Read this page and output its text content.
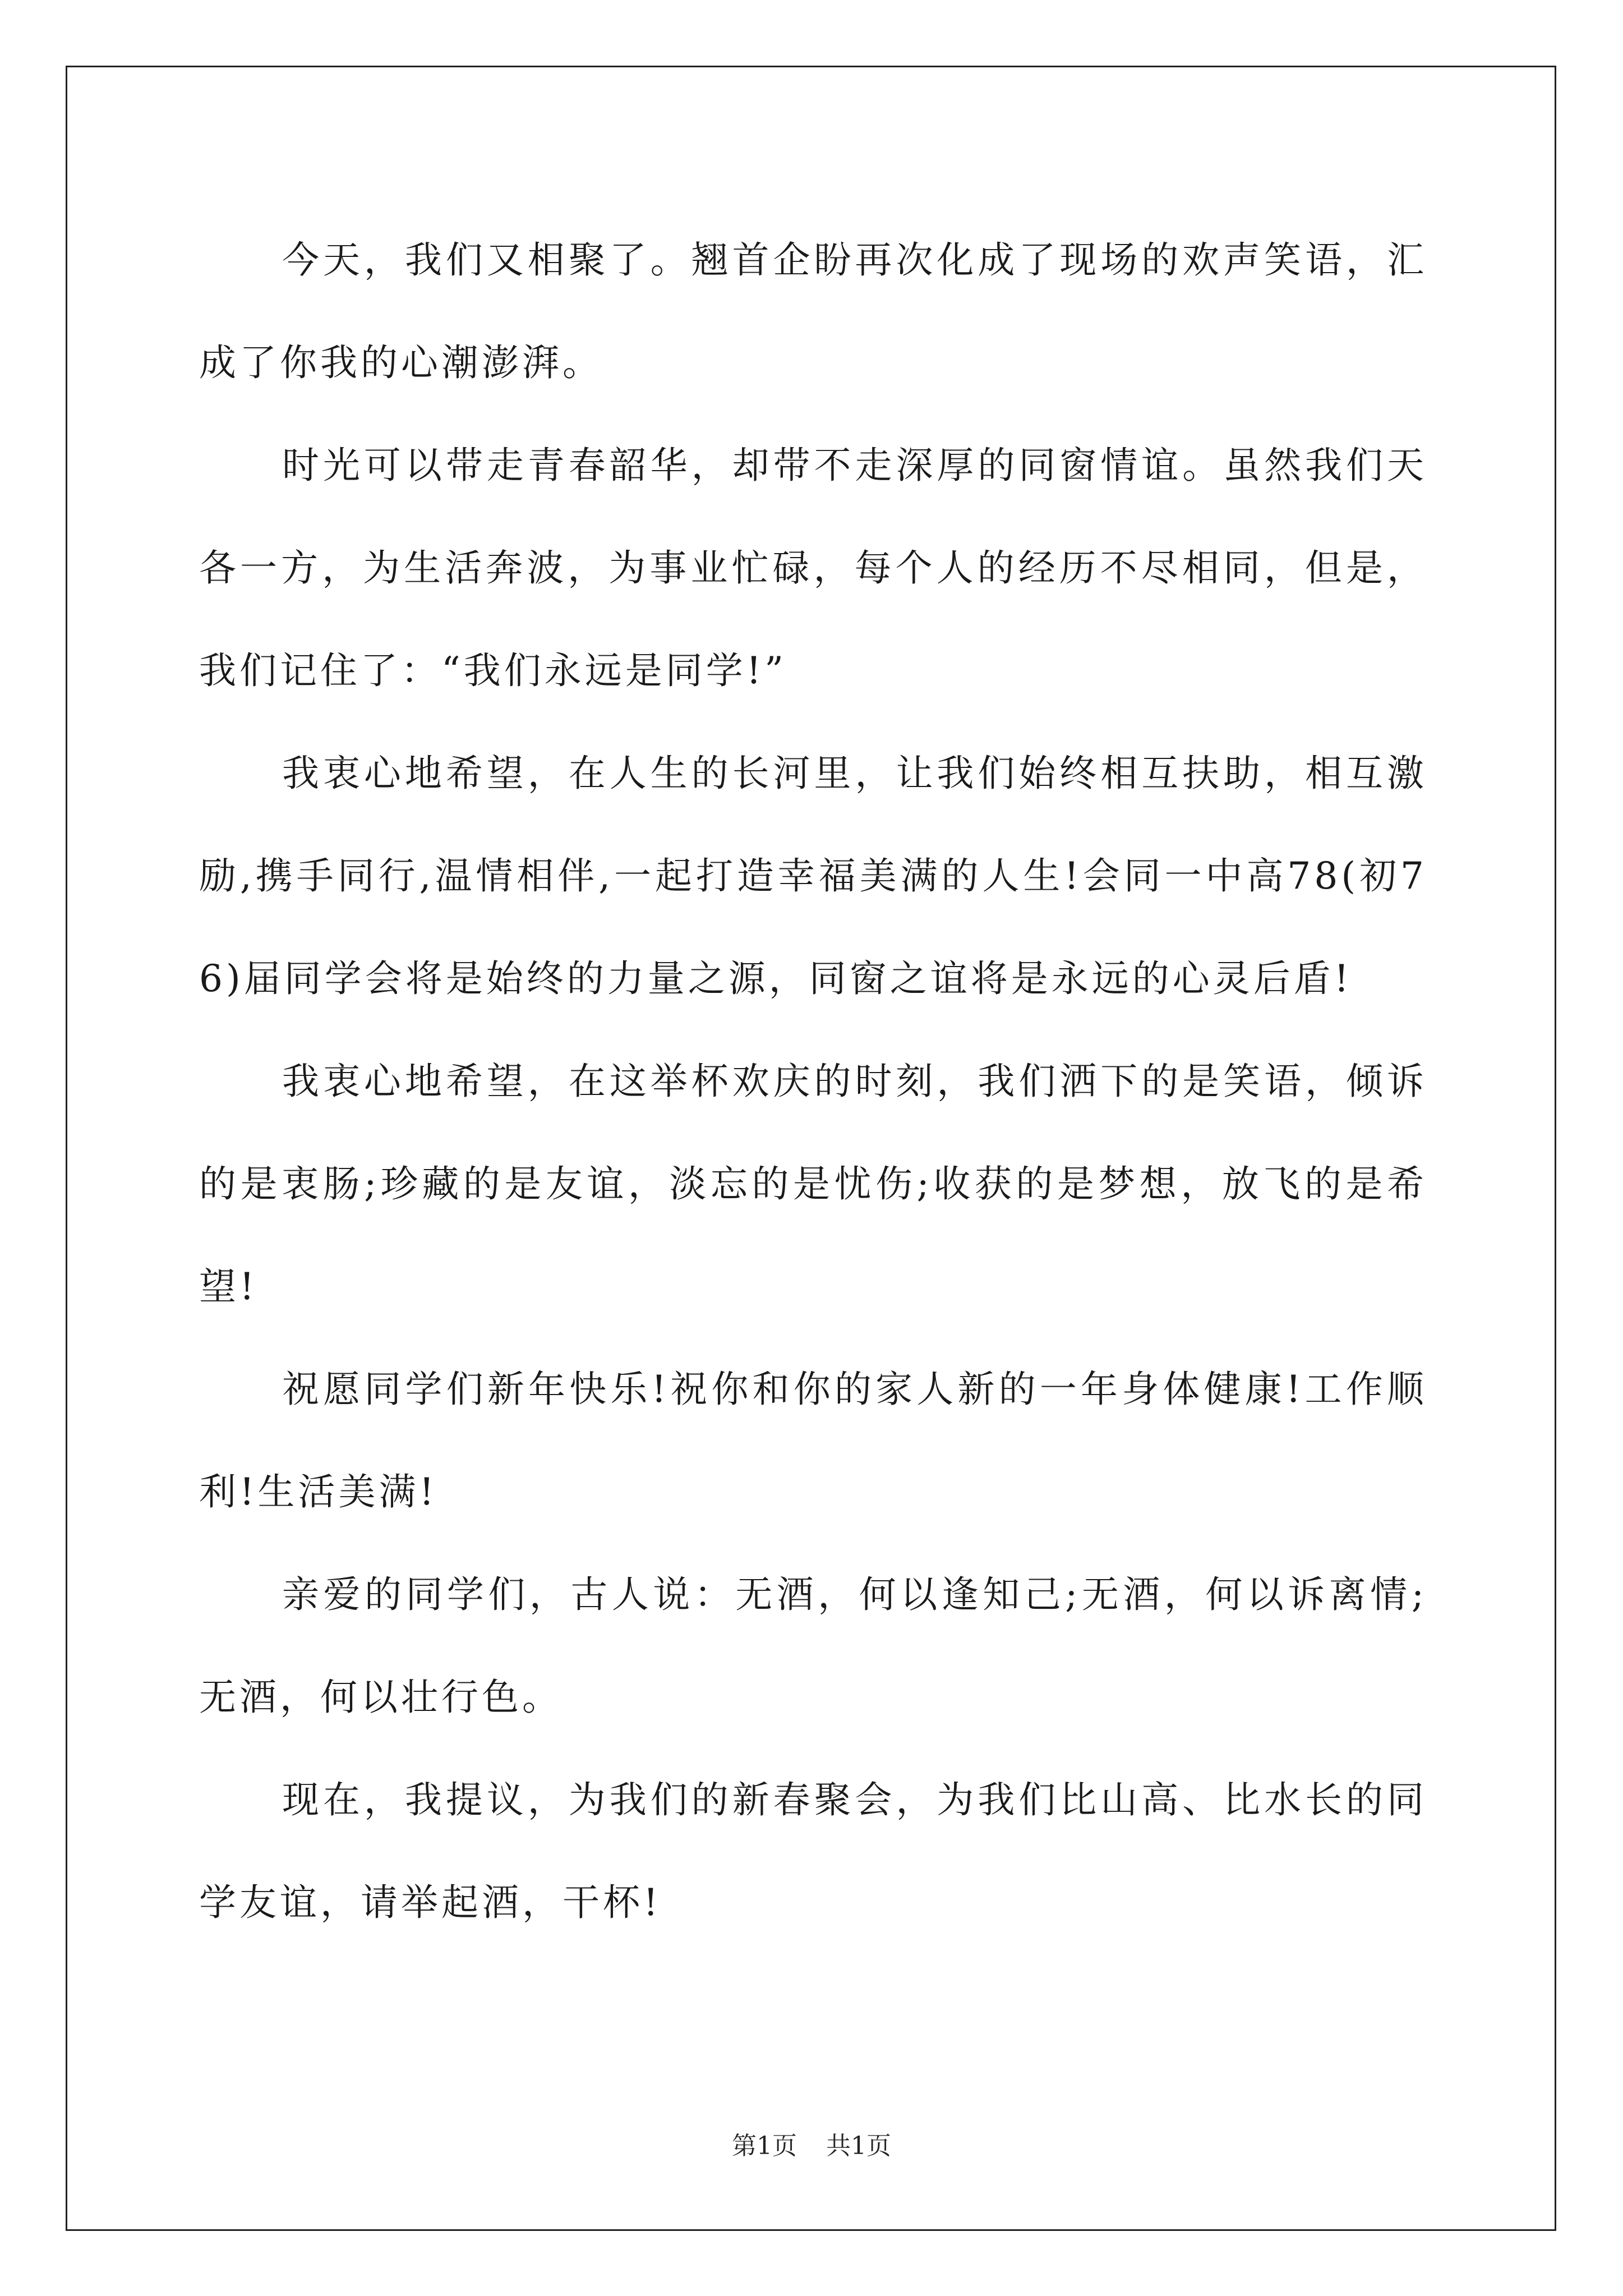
今天，我们又相聚了。翘首企盼再次化成了现场的欢声笑语，汇成了你我的心潮澎湃。

时光可以带走青春韶华，却带不走深厚的同窗情谊。虽然我们天各一方，为生活奔波，为事业忙碌，每个人的经历不尽相同，但是，我们记住了：“我们永远是同学!”

我衷心地希望，在人生的长河里，让我们始终相互扶助，相互激励,携手同行,温情相伴,一起打造幸福美满的人生!会同一中高78(初76)届同学会将是始终的力量之源，同窗之谊将是永远的心灵后盾!

我衷心地希望，在这举杯欢庆的时刻，我们洒下的是笑语，倾诉的是衷肠;珍藏的是友谊，淡忘的是忧伤;收获的是梦想，放飞的是希望!

祝愿同学们新年快乐!祝你和你的家人新的一年身体健康!工作顺利!生活美满!

亲爱的同学们，古人说：无酒，何以逢知己;无酒，何以诉离情;无酒，何以壮行色。

现在，我提议，为我们的新春聚会，为我们比山高、比水长的同学友谊，请举起酒，干杯!

第1页 共1页
